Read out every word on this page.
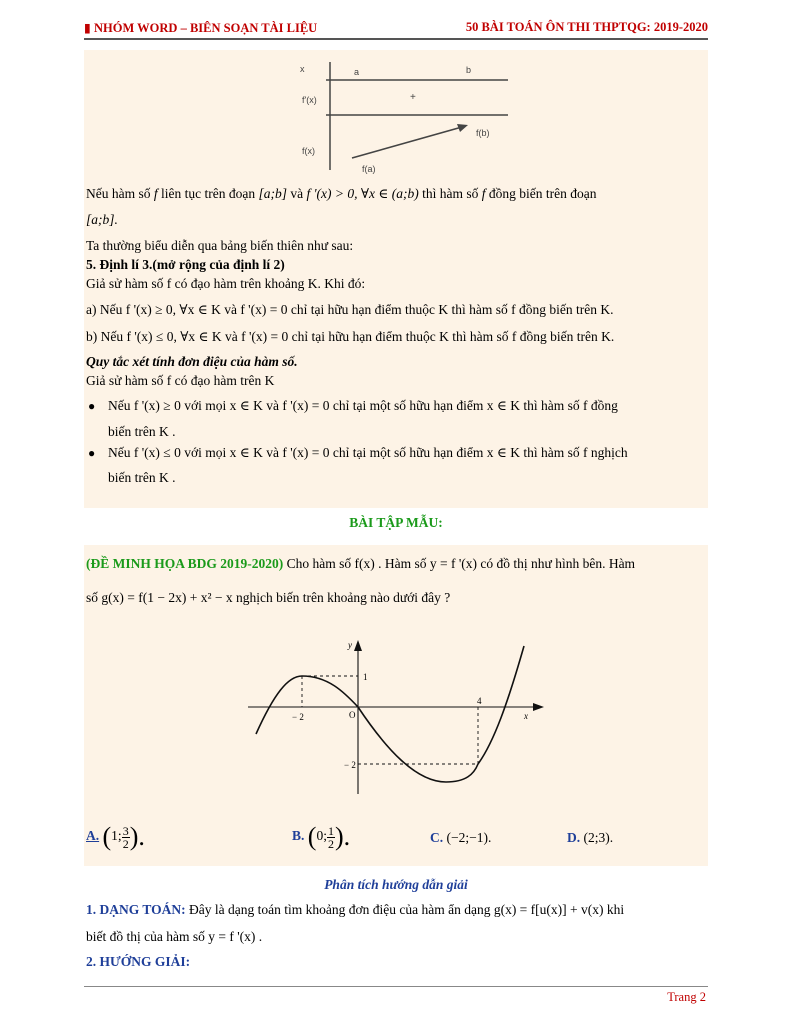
▮ NHÓM WORD – BIÊN SOẠN TÀI LIỆU	50 BÀI TOÁN ÔN THI THPTQG: 2019-2020
x	a	b
f'(x)	+
f(x)
f(a)
f(b)
Nếu hàm số f liên tục trên đoạn [a;b] và f '(x) > 0, ∀x ∈ (a;b) thì hàm số f đồng biến trên đoạn
[a;b].
Ta thường biểu diễn qua bảng biến thiên như sau:
5. Định lí 3.(mở rộng của định lí 2)
Giả sử hàm số f có đạo hàm trên khoảng K. Khi đó:
a) Nếu f '(x) ≥ 0, ∀x ∈ K và f '(x) = 0 chỉ tại hữu hạn điểm thuộc K thì hàm số f đồng biến trên K.
b) Nếu f '(x) ≤ 0, ∀x ∈ K và f '(x) = 0 chỉ tại hữu hạn điểm thuộc K thì hàm số f đồng biến trên K.
Quy tắc xét tính đơn điệu của hàm số.
Giả sử hàm số f có đạo hàm trên K
● Nếu f '(x) ≥ 0 với mọi x ∈ K và f '(x) = 0 chỉ tại một số hữu hạn điểm x ∈ K thì hàm số f đồng
biến trên K .
● Nếu f '(x) ≤ 0 với mọi x ∈ K và f '(x) = 0 chỉ tại một số hữu hạn điểm x ∈ K thì hàm số f nghịch
biến trên K .
BÀI TẬP MẪU:
(ĐỀ MINH HỌA BDG 2019-2020) Cho hàm số f(x) . Hàm số y = f '(x) có đồ thị như hình bên. Hàm
số g(x) = f(1 − 2x) + x² − x nghịch biến trên khoảng nào dưới đây ?
y
x
O
− 2
1
4
− 2
A. (1; $\frac{3}{2}$ ).	B. (0; $\frac{1}{2}$ ).	C. (−2;−1).	D. (2;3).
Phân tích hướng dẫn giải
1. DẠNG TOÁN: Đây là dạng toán tìm khoảng đơn điệu của hàm ẩn dạng g(x) = f[u(x)] + v(x) khi
biết đồ thị của hàm số y = f '(x) .
2. HƯỚNG GIẢI:
Trang 2
